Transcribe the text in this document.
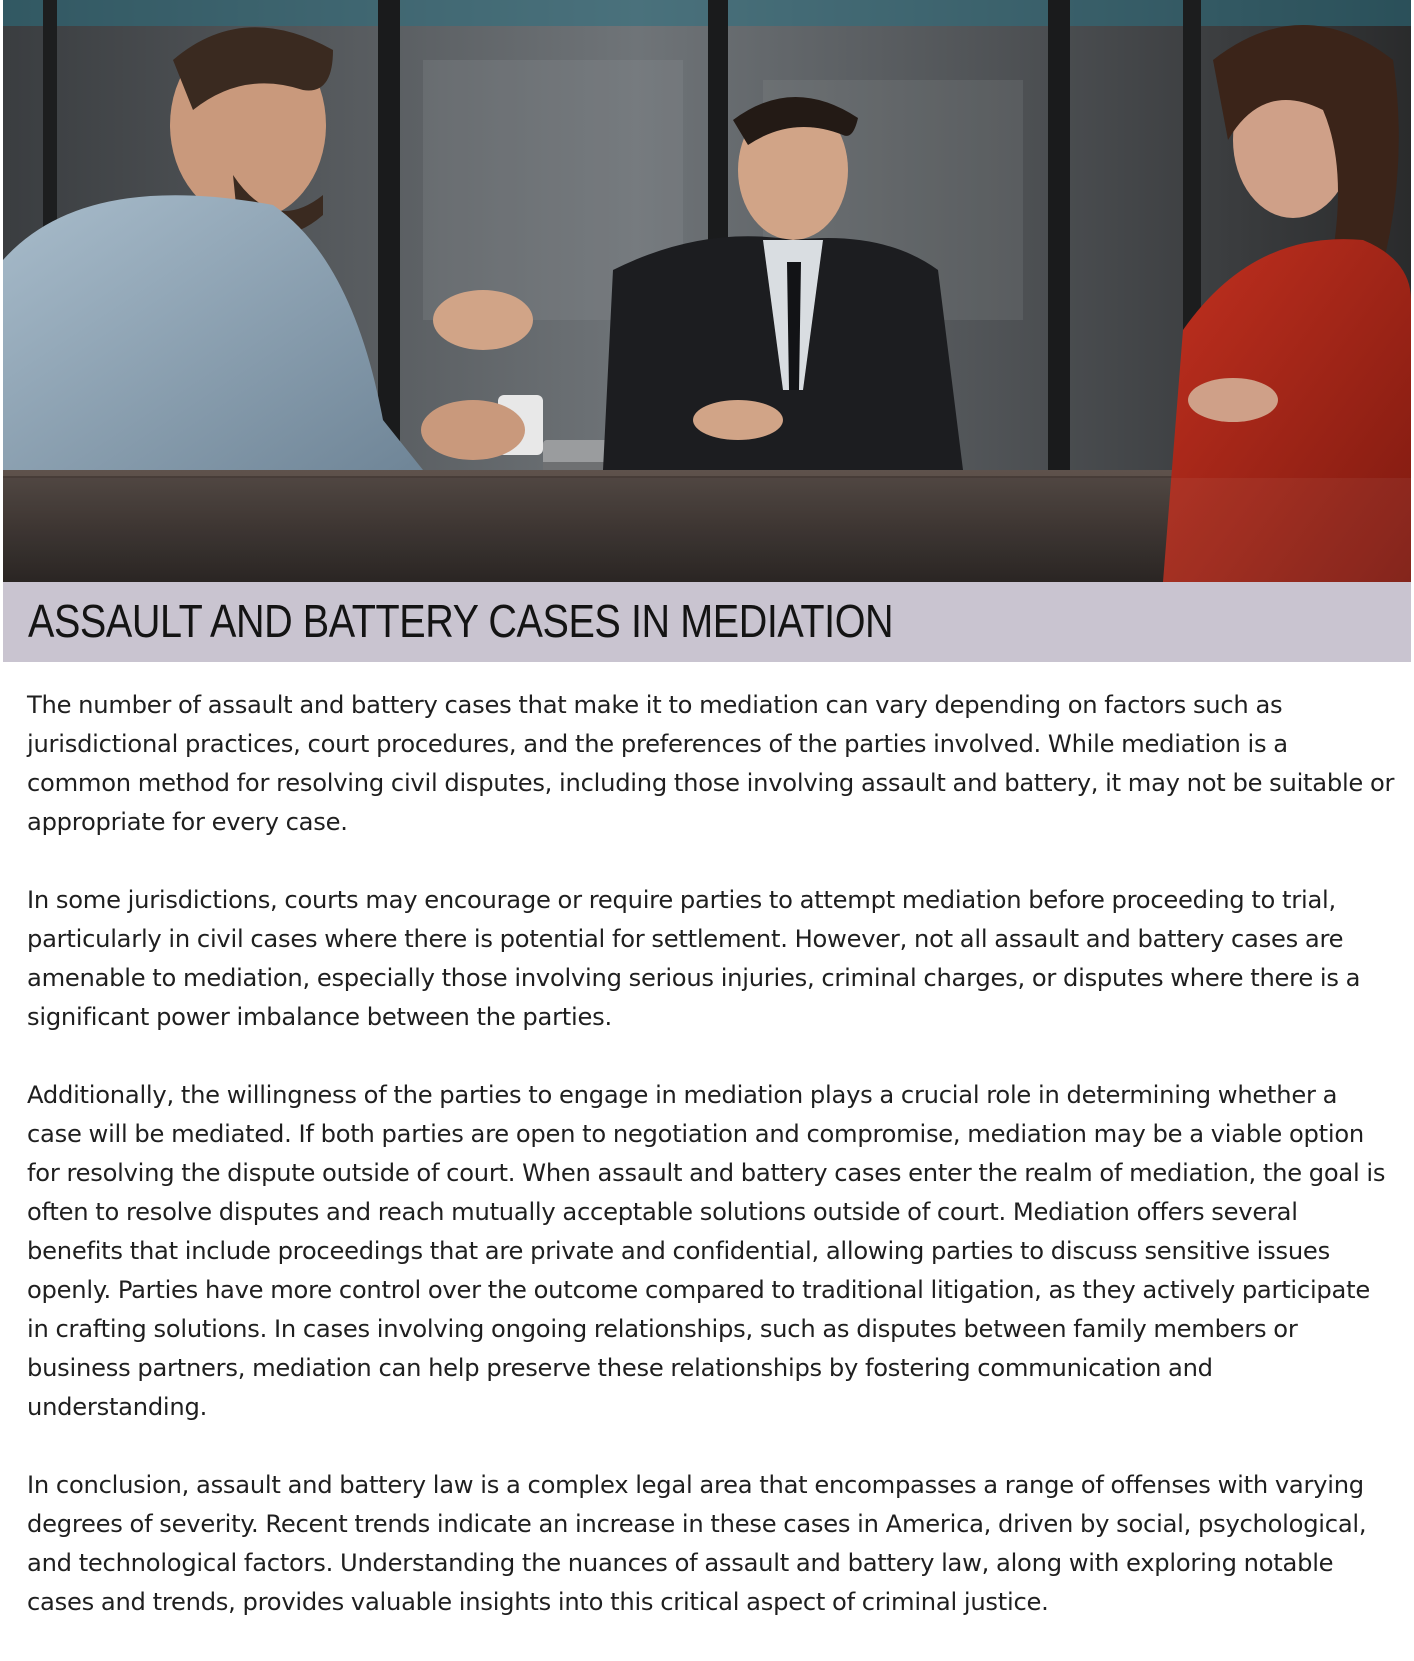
ASSAULT AND BATTERY CASES IN MEDIATION

The number of assault and battery cases that make it to mediation can vary depending on factors such as jurisdictional practices, court procedures, and the preferences of the parties involved. While mediation is a common method for resolving civil disputes, including those involving assault and battery, it may not be suitable or appropriate for every case.

In some jurisdictions, courts may encourage or require parties to attempt mediation before proceeding to trial, particularly in civil cases where there is potential for settlement. However, not all assault and battery cases are amenable to mediation, especially those involving serious injuries, criminal charges, or disputes where there is a significant power imbalance between the parties.

Additionally, the willingness of the parties to engage in mediation plays a crucial role in determining whether a case will be mediated. If both parties are open to negotiation and compromise, mediation may be a viable option for resolving the dispute outside of court. When assault and battery cases enter the realm of mediation, the goal is often to resolve disputes and reach mutually acceptable solutions outside of court. Mediation offers several benefits that include proceedings that are private and confidential, allowing parties to discuss sensitive issues openly. Parties have more control over the outcome compared to traditional litigation, as they actively participate in crafting solutions. In cases involving ongoing relationships, such as disputes between family members or business partners, mediation can help preserve these relationships by fostering communication and understanding.

In conclusion, assault and battery law is a complex legal area that encompasses a range of offenses with varying degrees of severity. Recent trends indicate an increase in these cases in America, driven by social, psychological, and technological factors. Understanding the nuances of assault and battery law, along with exploring notable cases and trends, provides valuable insights into this critical aspect of criminal justice.
